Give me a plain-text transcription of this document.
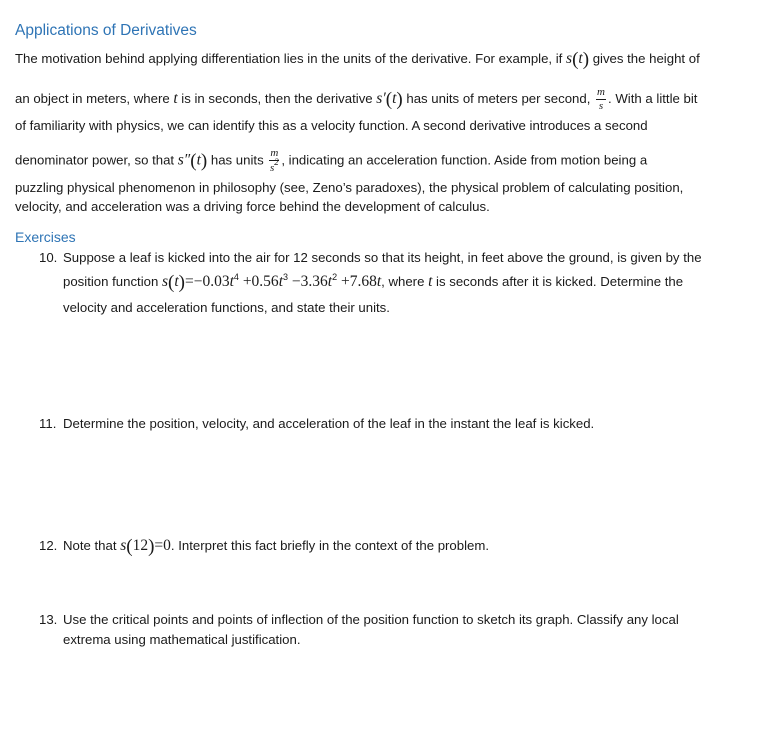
Applications of Derivatives
The motivation behind applying differentiation lies in the units of the derivative. For example, if s(t) gives the height of
an object in meters, where t is in seconds, then the derivative s′(t) has units of meters per second, $\frac{m}{s}$ . With a little bit
of familiarity with physics, we can identify this as a velocity function. A second derivative introduces a second
denominator power, so that s″(t) has units $\frac{m}{s^2}$ , indicating an acceleration function. Aside from motion being a
puzzling physical phenomenon in philosophy (see, Zeno’s paradoxes), the physical problem of calculating position,
velocity, and acceleration was a driving force behind the development of calculus.
Exercises
10. Suppose a leaf is kicked into the air for 12 seconds so that its height, in feet above the ground, is given by the
position function $s(t)=-0.03t^4 +0.56t^3 -3.36t^2 +7.68t$, where t is seconds after it is kicked. Determine the
velocity and acceleration functions, and state their units.
11. Determine the position, velocity, and acceleration of the leaf in the instant the leaf is kicked.
12. Note that s(12)=0. Interpret this fact briefly in the context of the problem.
13. Use the critical points and points of inflection of the position function to sketch its graph. Classify any local
extrema using mathematical justification.
